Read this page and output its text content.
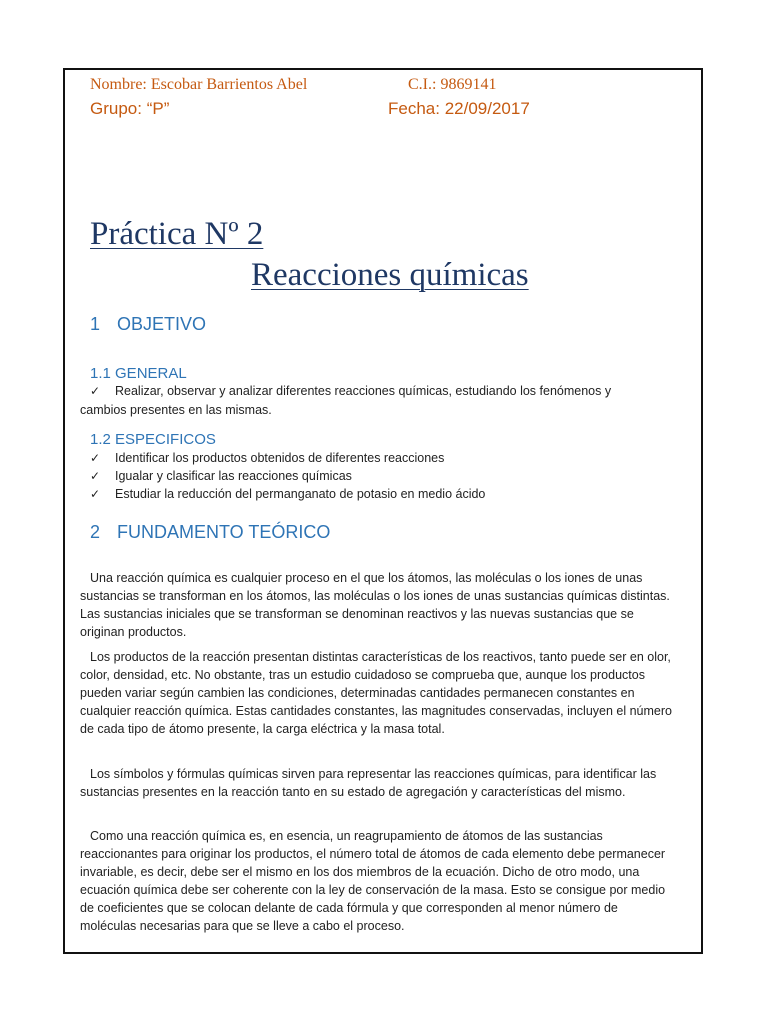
Nombre: Escobar Barrientos Abel	C.I.: 9869141
Grupo: “P”	Fecha: 22/09/2017
Práctica Nº 2
Reacciones químicas
1 OBJETIVO
1.1 GENERAL
✓ Realizar, observar y analizar diferentes reacciones químicas, estudiando los fenómenos y
cambios presentes en las mismas.
1.2 ESPECIFICOS
✓ Identificar los productos obtenidos de diferentes reacciones
✓ Igualar y clasificar las reacciones químicas
✓ Estudiar la reducción del permanganato de potasio en medio ácido
2 FUNDAMENTO TEÓRICO

Una reacción química es cualquier proceso en el que los átomos, las moléculas o los iones de unas sustancias se transforman en los átomos, las moléculas o los iones de unas sustancias químicas distintas. Las sustancias iniciales que se transforman se denominan reactivos y las nuevas sustancias que se originan productos.

Los productos de la reacción presentan distintas características de los reactivos, tanto puede ser en olor, color, densidad, etc. No obstante, tras un estudio cuidadoso se comprueba que, aunque los productos pueden variar según cambien las condiciones, determinadas cantidades permanecen constantes en cualquier reacción química. Estas cantidades constantes, las magnitudes conservadas, incluyen el número de cada tipo de átomo presente, la carga eléctrica y la masa total.

Los símbolos y fórmulas químicas sirven para representar las reacciones químicas, para identificar las sustancias presentes en la reacción tanto en su estado de agregación y características del mismo.

Como una reacción química es, en esencia, un reagrupamiento de átomos de las sustancias reaccionantes para originar los productos, el número total de átomos de cada elemento debe permanecer invariable, es decir, debe ser el mismo en los dos miembros de la ecuación. Dicho de otro modo, una ecuación química debe ser coherente con la ley de conservación de la masa. Esto se consigue por medio de coeficientes que se colocan delante de cada fórmula y que corresponden al menor número de moléculas necesarias para que se lleve a cabo el proceso.
